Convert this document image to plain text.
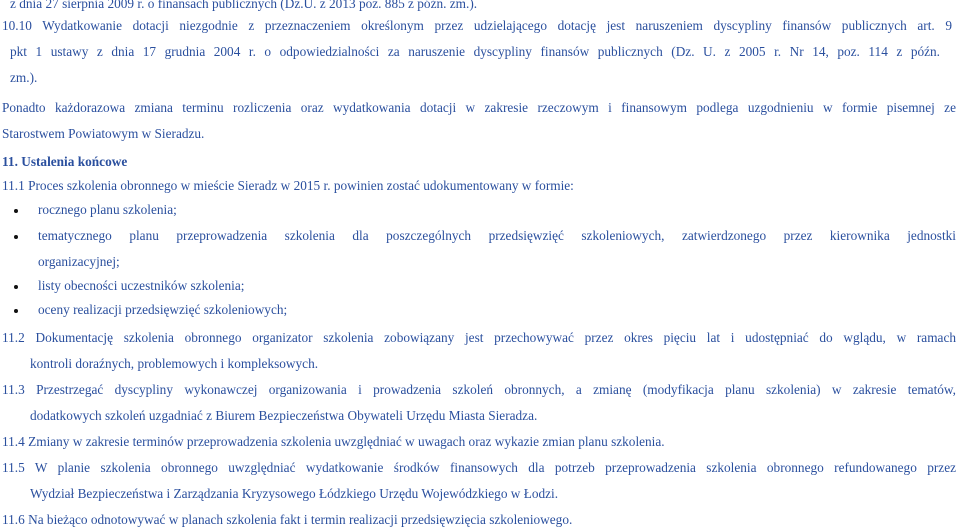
z dnia 27 sierpnia 2009 r. o finansach publicznych (Dz.U. z 2013 poz. 885 z późn. zm.).
10.10 Wydatkowanie dotacji niezgodnie z przeznaczeniem określonym przez udzielającego dotację jest naruszeniem dyscypliny finansów publicznych art. 9
pkt 1 ustawy z dnia 17 grudnia 2004 r. o odpowiedzialności za naruszenie dyscypliny finansów publicznych (Dz. U. z 2005 r. Nr 14, poz. 114 z późn.
zm.).
Ponadto każdorazowa zmiana terminu rozliczenia oraz wydatkowania dotacji w zakresie rzeczowym i finansowym podlega uzgodnieniu w formie pisemnej ze
Starostwem Powiatowym w Sieradzu.
11. Ustalenia końcowe
11.1 Proces szkolenia obronnego w mieście Sieradz w 2015 r. powinien zostać udokumentowany w formie:
rocznego planu szkolenia;
tematycznego planu przeprowadzenia szkolenia dla poszczególnych przedsięwzięć szkoleniowych, zatwierdzonego przez kierownika jednostki
organizacyjnej;
listy obecności uczestników szkolenia;
oceny realizacji przedsięwzięć szkoleniowych;
11.2 Dokumentację szkolenia obronnego organizator szkolenia zobowiązany jest przechowywać przez okres pięciu lat i udostępniać do wglądu, w ramach
kontroli doraźnych, problemowych i kompleksowych.
11.3 Przestrzegać dyscypliny wykonawczej organizowania i prowadzenia szkoleń obronnych, a zmianę (modyfikacja planu szkolenia) w zakresie tematów,
dodatkowych szkoleń uzgadniać z Biurem Bezpieczeństwa Obywateli Urzędu Miasta Sieradza.
11.4 Zmiany w zakresie terminów przeprowadzenia szkolenia uwzględniać w uwagach oraz wykazie zmian planu szkolenia.
11.5 W planie szkolenia obronnego uwzględniać wydatkowanie środków finansowych dla potrzeb przeprowadzenia szkolenia obronnego refundowanego przez
Wydział Bezpieczeństwa i Zarządzania Kryzysowego Łódzkiego Urzędu Wojewódzkiego w Łodzi.
11.6 Na bieżąco odnotowywać w planach szkolenia fakt i termin realizacji przedsięwzięcia szkoleniowego.
